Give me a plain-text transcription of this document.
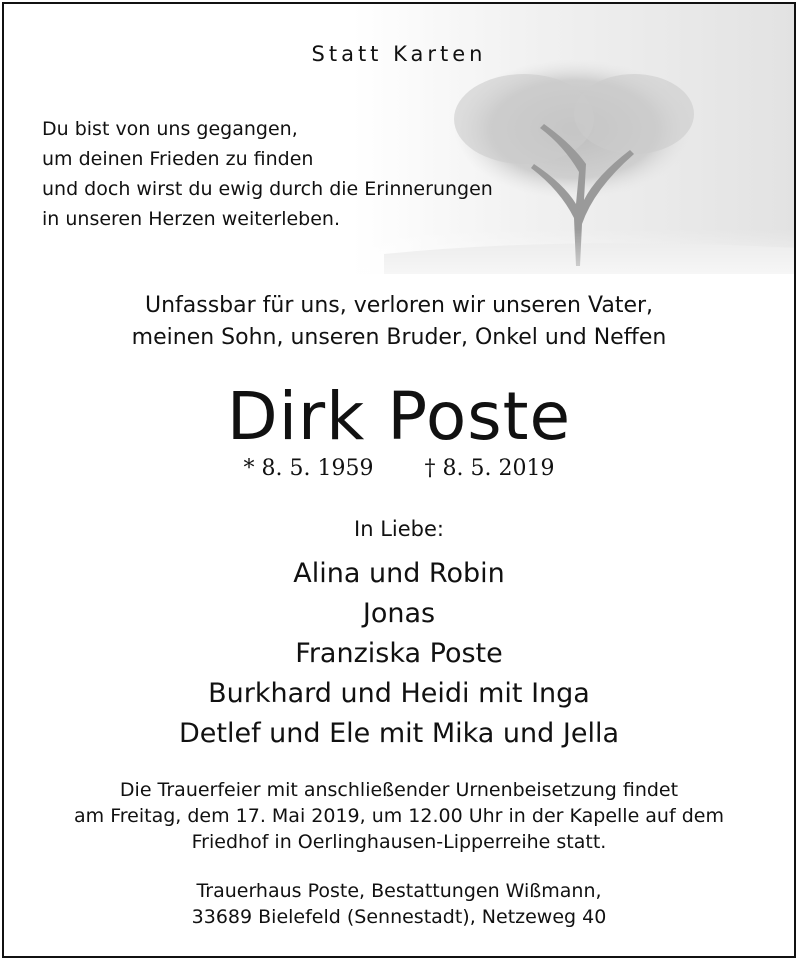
Statt Karten
Du bist von uns gegangen,
um deinen Frieden zu finden
und doch wirst du ewig durch die Erinnerungen
in unseren Herzen weiterleben.
Unfassbar für uns, verloren wir unseren Vater,
meinen Sohn, unseren Bruder, Onkel und Neffen
Dirk Poste
* 8. 5. 1959 † 8. 5. 2019
In Liebe:
Alina und Robin
Jonas
Franziska Poste
Burkhard und Heidi mit Inga
Detlef und Ele mit Mika und Jella
Die Trauerfeier mit anschließender Urnenbeisetzung findet
am Freitag, dem 17. Mai 2019, um 12.00 Uhr in der Kapelle auf dem
Friedhof in Oerlinghausen-Lipperreihe statt.
Trauerhaus Poste, Bestattungen Wißmann,
33689 Bielefeld (Sennestadt), Netzeweg 40
